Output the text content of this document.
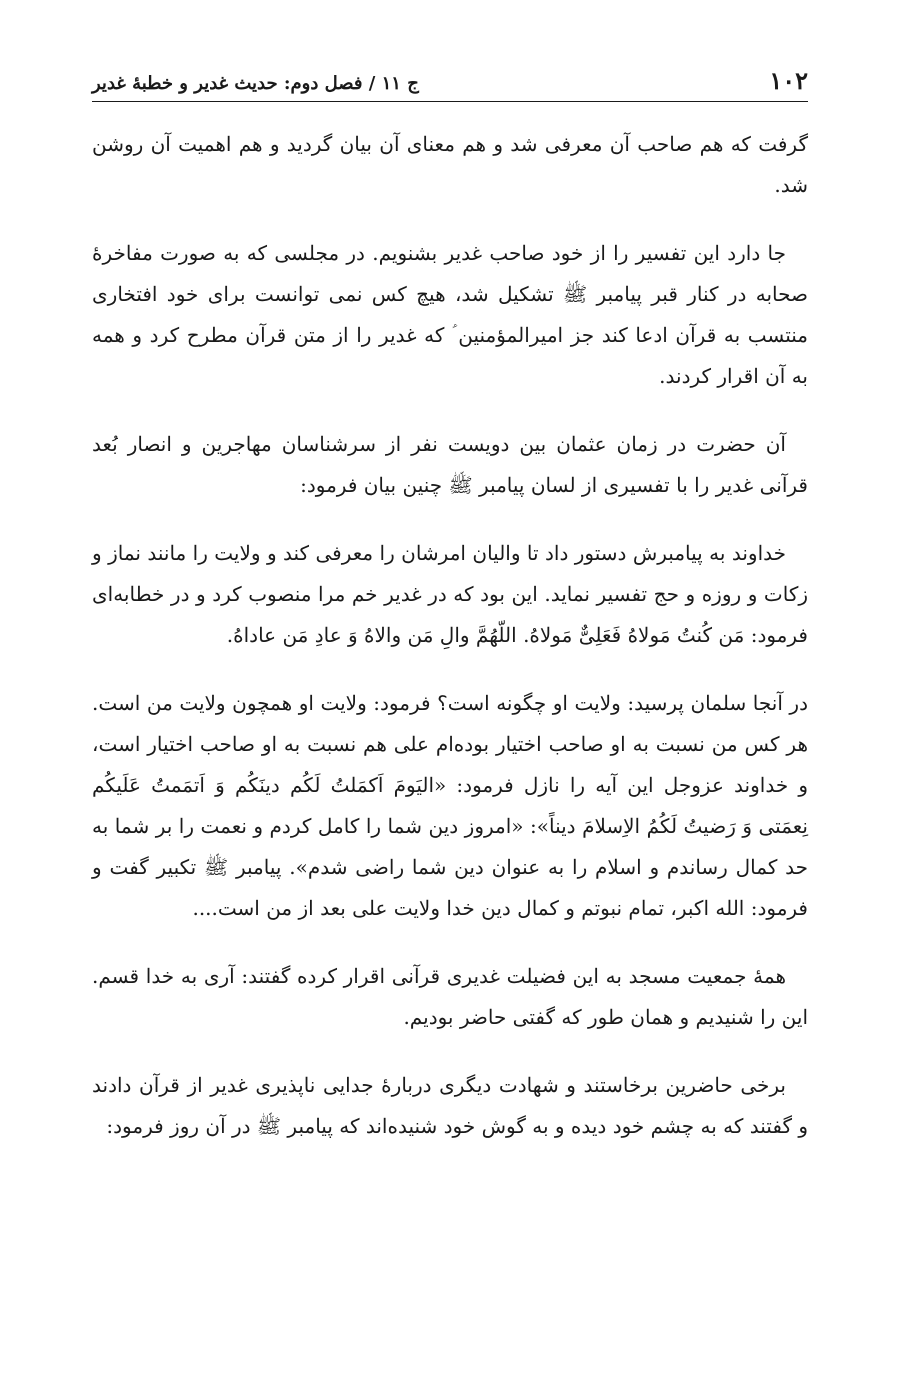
۱۰۲
ج ۱۱ / فصل دوم: حدیث غدیر و خطبهٔ غدیر

گرفت که هم صاحب آن معرفی شد و هم معنای آن بیان گردید و هم اهمیت آن روشن شد.

جا دارد این تفسیر را از خود صاحب غدیر بشنویم. در مجلسی که به صورت مفاخرهٔ صحابه در کنار قبر پیامبر ﷺ تشکیل شد، هیچ کس نمی توانست برای خود افتخاری منتسب به قرآن ادعا کند جز امیرالمؤمنین ؑ که غدیر را از متن قرآن مطرح کرد و همه به آن اقرار کردند.

آن حضرت در زمان عثمان بین دویست نفر از سرشناسان مهاجرین و انصار بُعد قرآنی غدیر را با تفسیری از لسان پیامبر ﷺ چنین بیان فرمود:

خداوند به پیامبرش دستور داد تا والیان امرشان را معرفی کند و ولایت را مانند نماز و زکات و روزه و حج تفسیر نماید. این بود که در غدیر خم مرا منصوب کرد و در خطابه‌ای فرمود: مَن کُنتُ مَولاهُ فَعَلِیٌّ مَولاهُ. اللّهُمَّ والِ مَن والاهُ وَ عادِ مَن عاداهُ.

در آنجا سلمان پرسید: ولایت او چگونه است؟ فرمود: ولایت او همچون ولایت من است. هر کس من نسبت به او صاحب اختیار بوده‌ام علی هم نسبت به او صاحب اختیار است، و خداوند عزوجل این آیه را نازل فرمود: «الیَومَ اَکمَلتُ لَکُم دینَکُم وَ اَتمَمتُ عَلَیکُم نِعمَتی وَ رَضیتُ لَکُمُ الاِسلامَ دیناً»: «امروز دین شما را کامل کردم و نعمت را بر شما به حد کمال رساندم و اسلام را به عنوان دین شما راضی شدم». پیامبر ﷺ تکبیر گفت و فرمود: الله اکبر، تمام نبوتم و کمال دین خدا ولایت علی بعد از من است....

همهٔ جمعیت مسجد به این فضیلت غدیری قرآنی اقرار کرده گفتند: آری به خدا قسم. این را شنیدیم و همان طور که گفتی حاضر بودیم.

برخی حاضرین برخاستند و شهادت دیگری دربارهٔ جدایی ناپذیری غدیر از قرآن دادند و گفتند که به چشم خود دیده و به گوش خود شنیده‌اند که پیامبر ﷺ در آن روز فرمود:
